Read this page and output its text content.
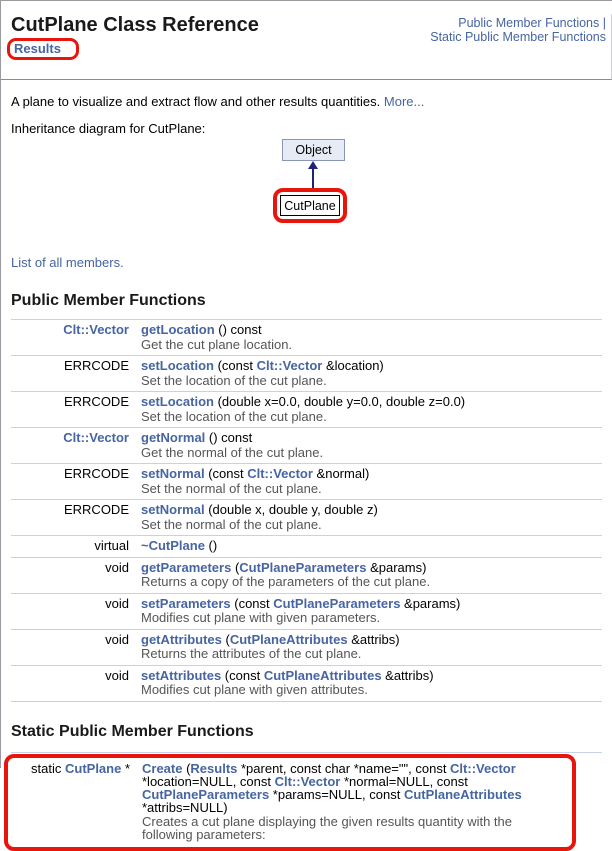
Public Member Functions |
Static Public Member Functions
CutPlane Class Reference
Results

A plane to visualize and extract flow and other results quantities. More...

Inheritance diagram for CutPlane:

Object
CutPlane

List of all members.

Public Member Functions
Clt::Vector getLocation () const
Get the cut plane location.
ERRCODE setLocation (const Clt::Vector &location)
Set the location of the cut plane.
ERRCODE setLocation (double x=0.0, double y=0.0, double z=0.0)
Set the location of the cut plane.
Clt::Vector getNormal () const
Get the normal of the cut plane.
ERRCODE setNormal (const Clt::Vector &normal)
Set the normal of the cut plane.
ERRCODE setNormal (double x, double y, double z)
Set the normal of the cut plane.
virtual ~CutPlane ()
void getParameters (CutPlaneParameters &params)
Returns a copy of the parameters of the cut plane.
void setParameters (const CutPlaneParameters &params)
Modifies cut plane with given parameters.
void getAttributes (CutPlaneAttributes &attribs)
Returns the attributes of the cut plane.
void setAttributes (const CutPlaneAttributes &attribs)
Modifies cut plane with given attributes.
Static Public Member Functions
static CutPlane * Create (Results *parent, const char *name="", const Clt::Vector *location=NULL, const Clt::Vector *normal=NULL, const CutPlaneParameters *params=NULL, const CutPlaneAttributes *attribs=NULL)
Creates a cut plane displaying the given results quantity with the following parameters:
